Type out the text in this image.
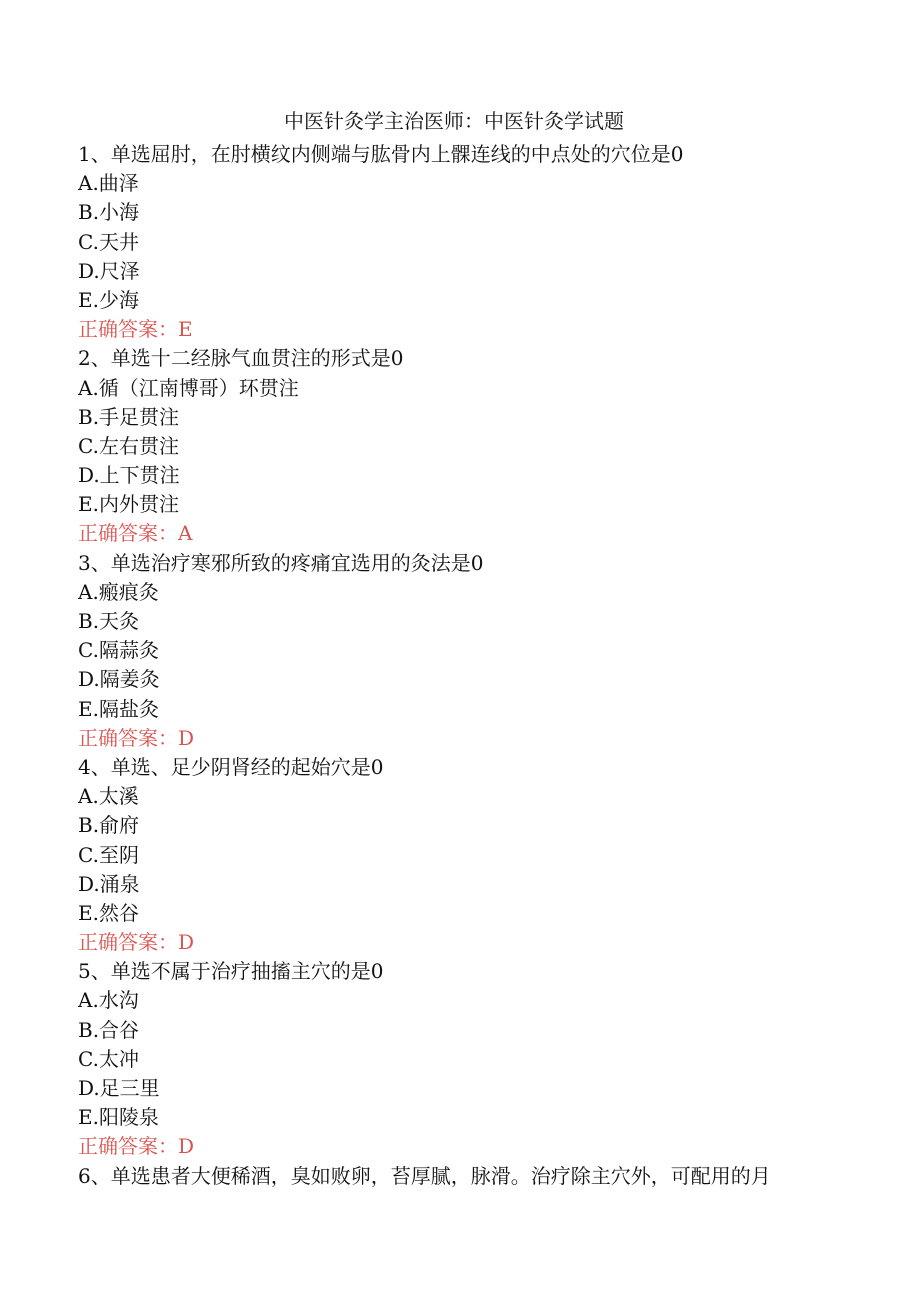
中医针灸学主治医师：中医针灸学试题
1、单选屈肘，在肘横纹内侧端与肱骨内上髁连线的中点处的穴位是0
A.曲泽
B.小海
C.天井
D.尺泽
E.少海
正确答案：E
2、单选十二经脉气血贯注的形式是0
A.循（江南博哥）环贯注
B.手足贯注
C.左右贯注
D.上下贯注
E.内外贯注
正确答案：A
3、单选治疗寒邪所致的疼痛宜选用的灸法是0
A.瘢痕灸
B.天灸
C.隔蒜灸
D.隔姜灸
E.隔盐灸
正确答案：D
4、单选、足少阴肾经的起始穴是0
A.太溪
B.俞府
C.至阴
D.涌泉
E.然谷
正确答案：D
5、单选不属于治疗抽搐主穴的是0
A.水沟
B.合谷
C.太冲
D.足三里
E.阳陵泉
正确答案：D
6、单选患者大便稀酒，臭如败卵，苔厚腻，脉滑。治疗除主穴外，可配用的月
